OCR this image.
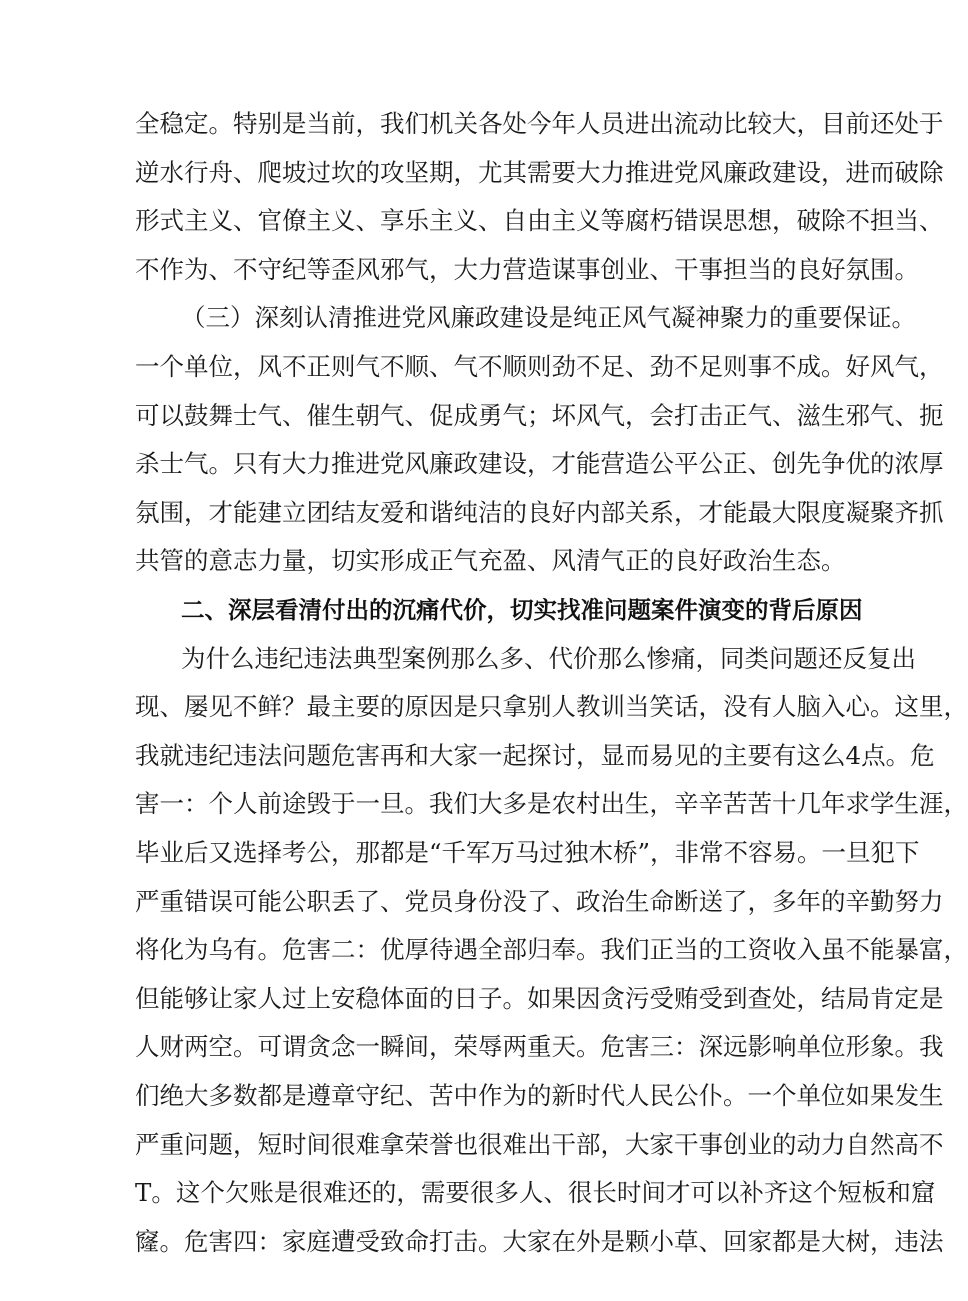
全稳定。特别是当前，我们机关各处今年人员进出流动比较大，目前还处于
逆水行舟、爬坡过坎的攻坚期，尤其需要大力推进党风廉政建设，进而破除
形式主义、官僚主义、享乐主义、自由主义等腐朽错误思想，破除不担当、
不作为、不守纪等歪风邪气，大力营造谋事创业、干事担当的良好氛围。
（三）深刻认清推进党风廉政建设是纯正风气凝神聚力的重要保证。
一个单位，风不正则气不顺、气不顺则劲不足、劲不足则事不成。好风气，
可以鼓舞士气、催生朝气、促成勇气；坏风气，会打击正气、滋生邪气、扼
杀士气。只有大力推进党风廉政建设，才能营造公平公正、创先争优的浓厚
氛围，才能建立团结友爱和谐纯洁的良好内部关系，才能最大限度凝聚齐抓
共管的意志力量，切实形成正气充盈、风清气正的良好政治生态。
二、深层看清付出的沉痛代价，切实找准问题案件演变的背后原因
为什么违纪违法典型案例那么多、代价那么惨痛，同类问题还反复出
现、屡见不鲜？最主要的原因是只拿别人教训当笑话，没有人脑入心。这里，
我就违纪违法问题危害再和大家一起探讨，显而易见的主要有这么4点。危
害一：个人前途毁于一旦。我们大多是农村出生，辛辛苦苦十几年求学生涯，
毕业后又选择考公，那都是“千军万马过独木桥”，非常不容易。一旦犯下
严重错误可能公职丢了、党员身份没了、政治生命断送了，多年的辛勤努力
将化为乌有。危害二：优厚待遇全部归奉。我们正当的工资收入虽不能暴富，
但能够让家人过上安稳体面的日子。如果因贪污受贿受到查处，结局肯定是
人财两空。可谓贪念一瞬间，荣辱两重天。危害三：深远影响单位形象。我
们绝大多数都是遵章守纪、苦中作为的新时代人民公仆。一个单位如果发生
严重问题，短时间很难拿荣誉也很难出干部，大家干事创业的动力自然高不
T。这个欠账是很难还的，需要很多人、很长时间才可以补齐这个短板和窟
窿。危害四：家庭遭受致命打击。大家在外是颗小草、回家都是大树，违法
